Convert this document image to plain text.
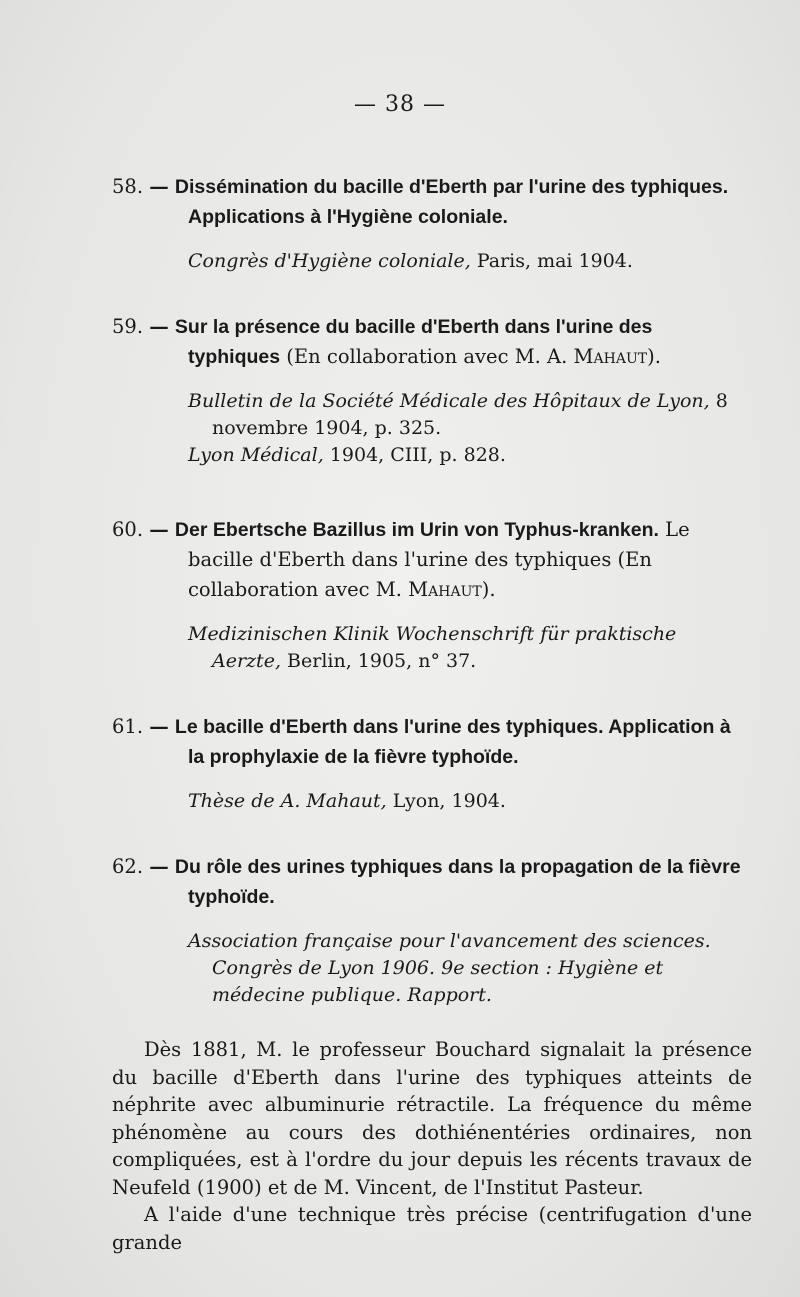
— 38 —
58. — Dissémination du bacille d'Eberth par l'urine des typhiques. Applications à l'Hygiène coloniale.
Congrès d'Hygiène coloniale, Paris, mai 1904.
59. — Sur la présence du bacille d'Eberth dans l'urine des typhiques (En collaboration avec M. A. Mahaut).
Bulletin de la Société Médicale des Hôpitaux de Lyon, 8 novembre 1904, p. 325.
Lyon Médical, 1904, CIII, p. 828.
60. — Der Ebertsche Bazillus im Urin von Typhus-kranken. Le bacille d'Eberth dans l'urine des typhiques (En collaboration avec M. Mahaut).
Medizinischen Klinik Wochenschrift für praktische Aerzte, Berlin, 1905, n° 37.
61. — Le bacille d'Eberth dans l'urine des typhiques. Application à la prophylaxie de la fièvre typhoïde.
Thèse de A. Mahaut, Lyon, 1904.
62. — Du rôle des urines typhiques dans la propagation de la fièvre typhoïde.
Association française pour l'avancement des sciences. Congrès de Lyon 1906. 9e section : Hygiène et médecine publique. Rapport.

Dès 1881, M. le professeur Bouchard signalait la présence du bacille d'Eberth dans l'urine des typhiques atteints de néphrite avec albuminurie rétractile. La fréquence du même phénomène au cours des dothiénentéries ordinaires, non compliquées, est à l'ordre du jour depuis les récents travaux de Neufeld (1900) et de M. Vincent, de l'Institut Pasteur.

A l'aide d'une technique très précise (centrifugation d'une grande
